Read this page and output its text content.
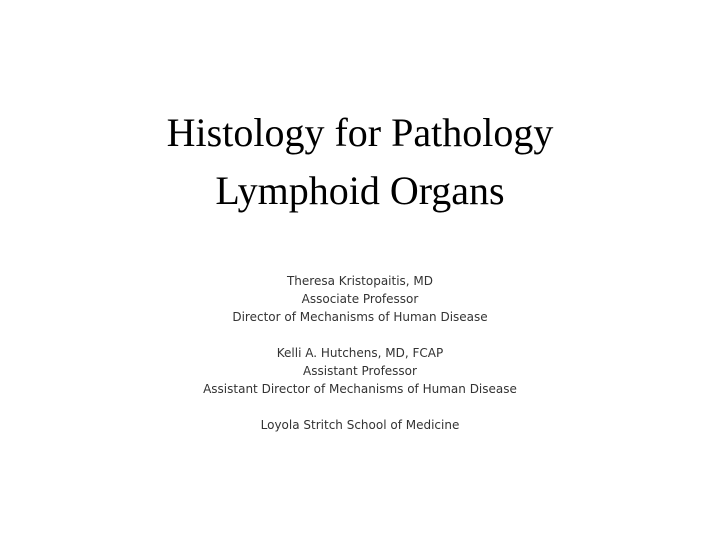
Histology for Pathology
Lymphoid Organs
Theresa Kristopaitis, MD
Associate Professor
Director of Mechanisms of Human Disease
Kelli A. Hutchens, MD, FCAP
Assistant Professor
Assistant Director of Mechanisms of Human Disease
Loyola Stritch School of Medicine
